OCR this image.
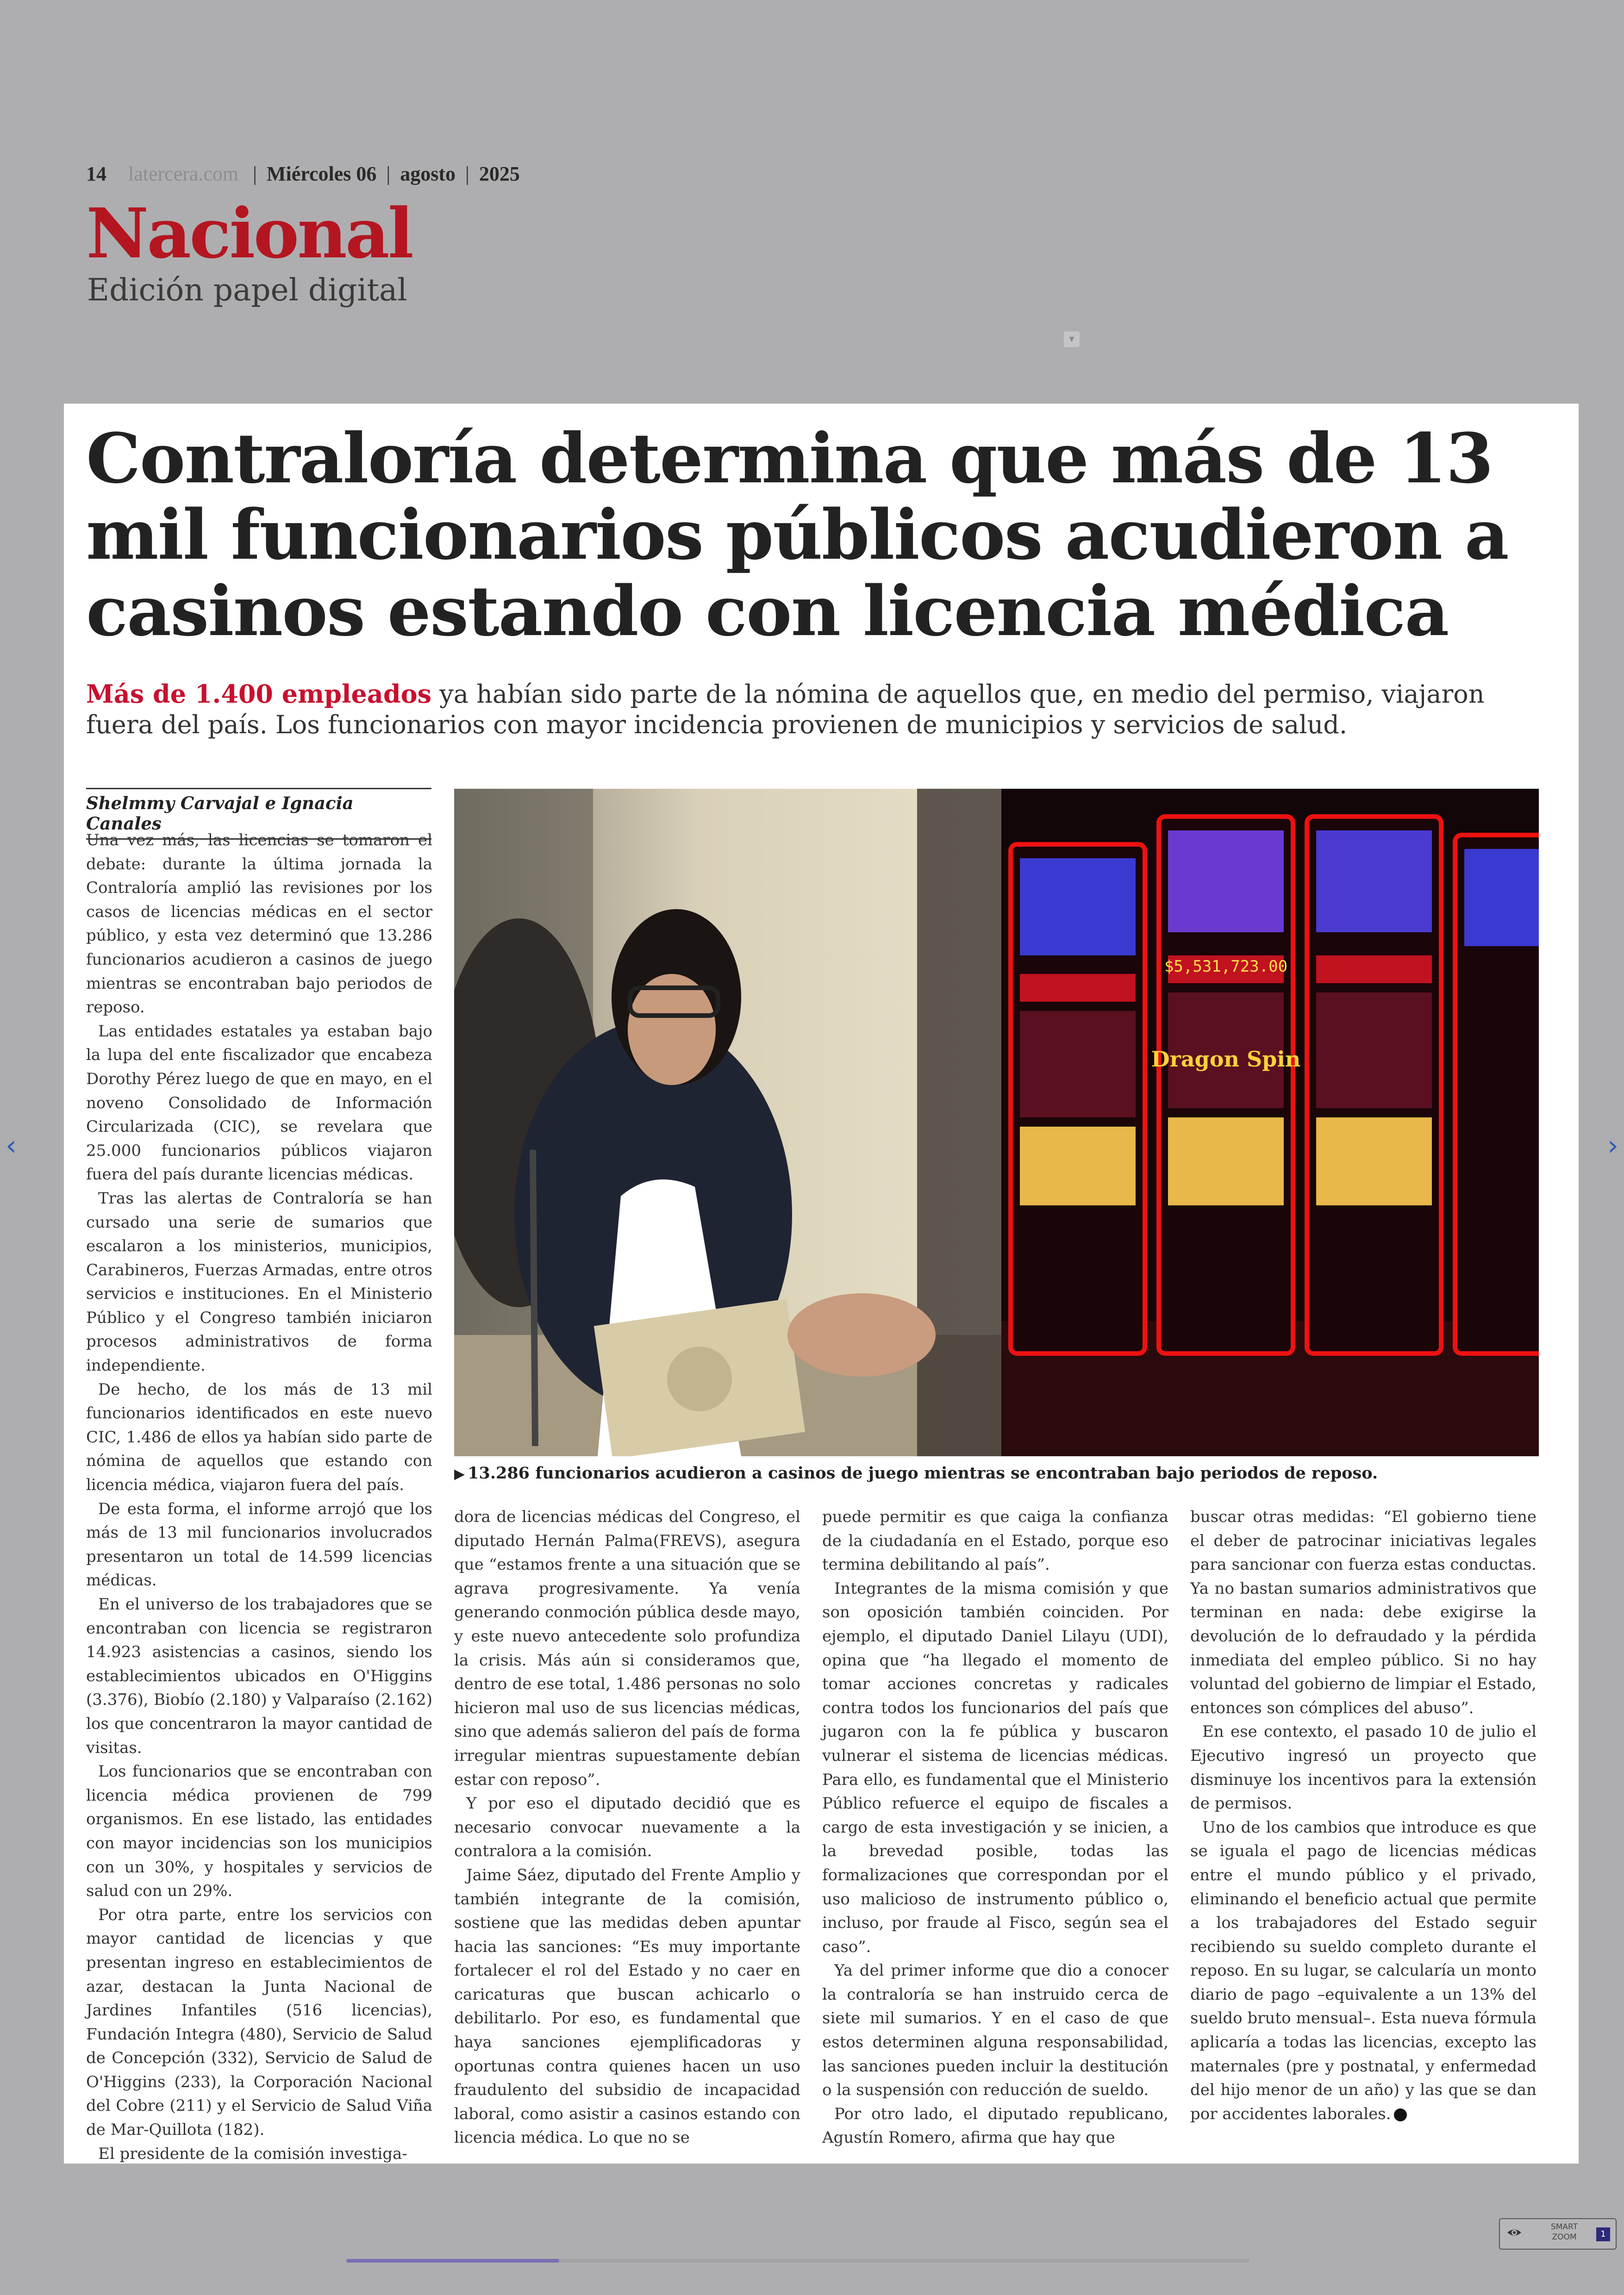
14 latercera.com | Miércoles 06 | agosto | 2025
Nacional
Edición papel digital
▾
Contraloría determina que más de 13 mil funcionarios públicos acudieron a casinos estando con licencia médica
Más de 1.400 empleados ya habían sido parte de la nómina de aquellos que, en medio del permiso, viajaron fuera del país. Los funcionarios con mayor incidencia provienen de municipios y servicios de salud.
Shelmmy Carvajal e Ignacia Canales

Una vez más, las licencias se tomaron el debate: durante la última jornada la Contraloría amplió las revisiones por los casos de licencias médicas en el sector público, y esta vez determinó que 13.286 funcionarios acudieron a casinos de juego mientras se encontraban bajo periodos de reposo.

Las entidades estatales ya estaban bajo la lupa del ente fiscalizador que encabeza Dorothy Pérez luego de que en mayo, en el noveno Consolidado de Información Circularizada (CIC), se revelara que 25.000 funcionarios públicos viajaron fuera del país durante licencias médicas.

Tras las alertas de Contraloría se han cursado una serie de sumarios que escalaron a los ministerios, municipios, Carabineros, Fuerzas Armadas, entre otros servicios e instituciones. En el Ministerio Público y el Congreso también iniciaron procesos administrativos de forma independiente.

De hecho, de los más de 13 mil funcionarios identificados en este nuevo CIC, 1.486 de ellos ya habían sido parte de nómina de aquellos que estando con licencia médica, viajaron fuera del país.

De esta forma, el informe arrojó que los más de 13 mil funcionarios involucrados presentaron un total de 14.599 licencias médicas.

En el universo de los trabajadores que se encontraban con licencia se registraron 14.923 asistencias a casinos, siendo los establecimientos ubicados en O'Higgins (3.376), Biobío (2.180) y Valparaíso (2.162) los que concentraron la mayor cantidad de visitas.

Los funcionarios que se encontraban con licencia médica provienen de 799 organismos. En ese listado, las entidades con mayor incidencias son los municipios con un 30%, y hospitales y servicios de salud con un 29%.

Por otra parte, entre los servicios con mayor cantidad de licencias y que presentan ingreso en establecimientos de azar, destacan la Junta Nacional de Jardines Infantiles (516 licencias), Fundación Integra (480), Servicio de Salud de Concepción (332), Servicio de Salud de O'Higgins (233), la Corporación Nacional del Cobre (211) y el Servicio de Salud Viña de Mar-Quillota (182).

El presidente de la comisión investiga-

$5,531,723.00
Dragon Spin
▶ 13.286 funcionarios acudieron a casinos de juego mientras se encontraban bajo periodos de reposo.

dora de licencias médicas del Congreso, el diputado Hernán Palma(FREVS), asegura que “estamos frente a una situación que se agrava progresivamente. Ya venía generando conmoción pública desde mayo, y este nuevo antecedente solo profundiza la crisis. Más aún si consideramos que, dentro de ese total, 1.486 personas no solo hicieron mal uso de sus licencias médicas, sino que además salieron del país de forma irregular mientras supuestamente debían estar con reposo”.

Y por eso el diputado decidió que es necesario convocar nuevamente a la contralora a la comisión.

Jaime Sáez, diputado del Frente Amplio y también integrante de la comisión, sostiene que las medidas deben apuntar hacia las sanciones: “Es muy importante fortalecer el rol del Estado y no caer en caricaturas que buscan achicarlo o debilitarlo. Por eso, es fundamental que haya sanciones ejemplificadoras y oportunas contra quienes hacen un uso fraudulento del subsidio de incapacidad laboral, como asistir a casinos estando con licencia médica. Lo que no se

puede permitir es que caiga la confianza de la ciudadanía en el Estado, porque eso termina debilitando al país”.

Integrantes de la misma comisión y que son oposición también coinciden. Por ejemplo, el diputado Daniel Lilayu (UDI), opina que “ha llegado el momento de tomar acciones concretas y radicales contra todos los funcionarios del país que jugaron con la fe pública y buscaron vulnerar el sistema de licencias médicas. Para ello, es fundamental que el Ministerio Público refuerce el equipo de fiscales a cargo de esta investigación y se inicien, a la brevedad posible, todas las formalizaciones que correspondan por el uso malicioso de instrumento público o, incluso, por fraude al Fisco, según sea el caso”.

Ya del primer informe que dio a conocer la contraloría se han instruido cerca de siete mil sumarios. Y en el caso de que estos determinen alguna responsabilidad, las sanciones pueden incluir la destitución o la suspensión con reducción de sueldo.

Por otro lado, el diputado republicano, Agustín Romero, afirma que hay que

buscar otras medidas: “El gobierno tiene el deber de patrocinar iniciativas legales para sancionar con fuerza estas conductas. Ya no bastan sumarios administrativos que terminan en nada: debe exigirse la devolución de lo defraudado y la pérdida inmediata del empleo público. Si no hay voluntad del gobierno de limpiar el Estado, entonces son cómplices del abuso”.

En ese contexto, el pasado 10 de julio el Ejecutivo ingresó un proyecto que disminuye los incentivos para la extensión de permisos.

Uno de los cambios que introduce es que se iguala el pago de licencias médicas entre el mundo público y el privado, eliminando el beneficio actual que permite a los trabajadores del Estado seguir recibiendo su sueldo completo durante el reposo. En su lugar, se calcularía un monto diario de pago –equivalente a un 13% del sueldo bruto mensual–. Esta nueva fórmula aplicaría a todas las licencias, excepto las maternales (pre y postnatal, y enfermedad del hijo menor de un año) y las que se dan por accidentes laborales.

‹	›
SMART
ZOOM	1
